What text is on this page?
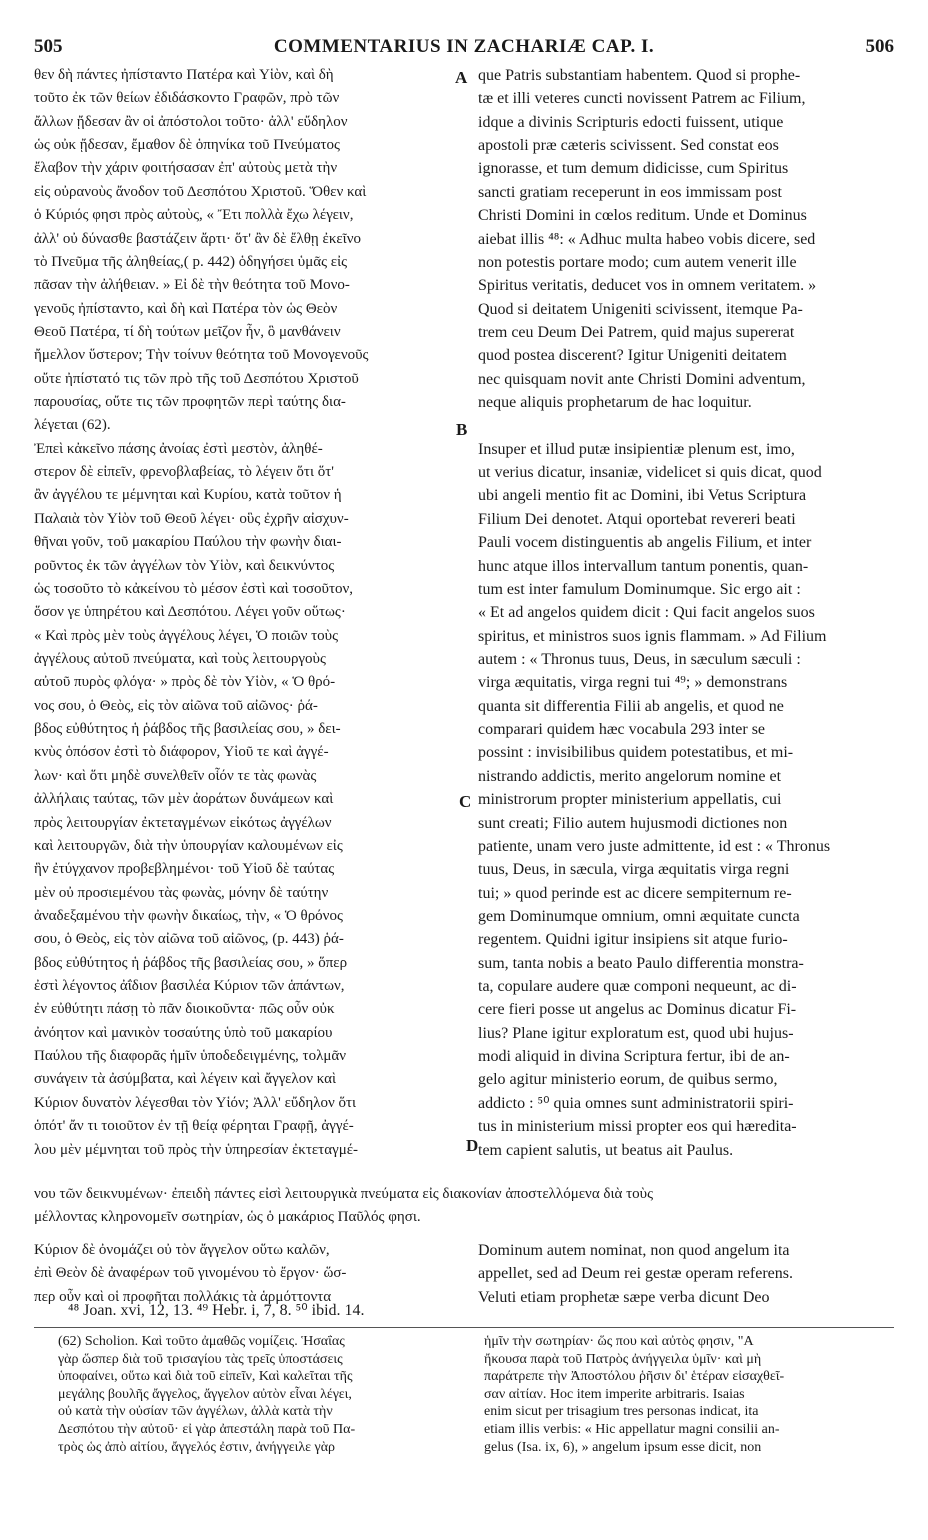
505	COMMENTARIUS IN ZACHARIÆ CAP. I.	506
θεν δὴ πάντες ἠπίσταντο Πατέρα καὶ Υἱὸν, καὶ δὴ
τοῦτο ἐκ τῶν θείων ἐδιδάσκοντο Γραφῶν, πρὸ τῶν
ἄλλων ᾔδεσαν ἂν οἱ ἀπόστολοι τοῦτο· ἀλλ' εὔδηλον
ὡς οὐκ ᾔδεσαν, ἔμαθον δὲ ὁπηνίκα τοῦ Πνεύματος
ἔλαβον τὴν χάριν φοιτήσασαν ἐπ' αὐτοὺς μετὰ τὴν
εἰς οὐρανοὺς ἄνοδον τοῦ Δεσπότου Χριστοῦ. Ὅθεν καὶ
ὁ Κύριός φησι πρὸς αὐτοὺς, « Ἔτι πολλὰ ἔχω λέγειν,
ἀλλ' οὐ δύνασθε βαστάζειν ἄρτι· ὅτ' ἂν δὲ ἔλθῃ ἐκεῖνο
τὸ Πνεῦμα τῆς ἀληθείας,( p. 442) ὁδηγήσει ὑμᾶς εἰς
πᾶσαν τὴν ἀλήθειαν. » Εἰ δὲ τὴν θεότητα τοῦ Μονο-
γενοῦς ἠπίσταντο, καὶ δὴ καὶ Πατέρα τὸν ὡς Θεὸν
Θεοῦ Πατέρα, τί δὴ τούτων μεῖζον ἦν, ὃ μανθάνειν
ἤμελλον ὕστερον; Τὴν τοίνυν θεότητα τοῦ Μονογενοῦς
οὔτε ἠπίστατό τις τῶν πρὸ τῆς τοῦ Δεσπότου Χριστοῦ
παρουσίας, οὔτε τις τῶν προφητῶν περὶ ταύτης δια-
λέγεται (62).
Ἐπεὶ κἀκεῖνο πάσης ἀνοίας ἐστὶ μεστὸν, ἀληθέ-
στερον δὲ εἰπεῖν, φρενοβλαβείας, τὸ λέγειν ὅτι ὅτ'
ἂν ἀγγέλου τε μέμνηται καὶ Κυρίου, κατὰ τοῦτον ἡ
Παλαιὰ τὸν Υἱὸν τοῦ Θεοῦ λέγει· οὓς ἐχρῆν αἰσχυν-
θῆναι γοῦν, τοῦ μακαρίου Παύλου τὴν φωνὴν διαι-
ροῦντος ἐκ τῶν ἀγγέλων τὸν Υἱὸν, καὶ δεικνύντος
ὡς τοσοῦτο τὸ κἀκείνου τὸ μέσον ἐστὶ καὶ τοσοῦτον,
ὅσον γε ὑπηρέτου καὶ Δεσπότου. Λέγει γοῦν οὕτως·
« Καὶ πρὸς μὲν τοὺς ἀγγέλους λέγει, Ὁ ποιῶν τοὺς
ἀγγέλους αὐτοῦ πνεύματα, καὶ τοὺς λειτουργοὺς
αὐτοῦ πυρὸς φλόγα· » πρὸς δὲ τὸν Υἱὸν, « Ὁ θρό-
νος σου, ὁ Θεὸς, εἰς τὸν αἰῶνα τοῦ αἰῶνος· ῥά-
βδος εὐθύτητος ἡ ῥάβδος τῆς βασιλείας σου, » δει-
κνὺς ὁπόσον ἐστὶ τὸ διάφορον, Υἱοῦ τε καὶ ἀγγέ-
λων· καὶ ὅτι μηδὲ συνελθεῖν οἷόν τε τὰς φωνὰς
ἀλλήλαις ταύτας, τῶν μὲν ἀοράτων δυνάμεων καὶ
πρὸς λειτουργίαν ἐκτεταγμένων εἰκότως ἀγγέλων
καὶ λειτουργῶν, διὰ τὴν ὑπουργίαν καλουμένων εἰς
ἣν ἐτύγχανον προβεβλημένοι· τοῦ Υἱοῦ δὲ ταύτας
μὲν οὐ προσιεμένου τὰς φωνὰς, μόνην δὲ ταύτην
ἀναδεξαμένου τὴν φωνὴν δικαίως, τὴν, « Ὁ θρόνος
σου, ὁ Θεὸς, εἰς τὸν αἰῶνα τοῦ αἰῶνος, (p. 443) ῥά-
βδος εὐθύτητος ἡ ῥάβδος τῆς βασιλείας σου, » ὅπερ
ἐστὶ λέγοντος ἀΐδιον βασιλέα Κύριον τῶν ἁπάντων,
ἐν εὐθύτητι πάσῃ τὸ πᾶν διοικοῦντα· πῶς οὖν οὐκ
ἀνόητον καὶ μανικὸν τοσαύτης ὑπὸ τοῦ μακαρίου
Παύλου τῆς διαφορᾶς ἡμῖν ὑποδεδειγμένης, τολμᾶν
συνάγειν τὰ ἀσύμβατα, καὶ λέγειν καὶ ἄγγελον καὶ
Κύριον δυνατὸν λέγεσθαι τὸν Υἱόν; Ἀλλ' εὔδηλον ὅτι
ὁπότ' ἄν τι τοιοῦτον ἐν τῇ θείᾳ φέρηται Γραφῇ, ἀγγέ-
λου μὲν μέμνηται τοῦ πρὸς τὴν ὑπηρεσίαν ἐκτεταγμέ-
que Patris substantiam habentem. Quod si prophe-
tæ et illi veteres cuncti novissent Patrem ac Filium,
idque a divinis Scripturis edocti fuissent, utique
apostoli præ cæteris scivissent. Sed constat eos
ignorasse, et tum demum didicisse, cum Spiritus
sancti gratiam receperunt in eos immissam post
Christi Domini in cœlos reditum. Unde et Dominus
aiebat illis ⁴⁸: « Adhuc multa habeo vobis dicere, sed
non potestis portare modo; cum autem venerit ille
Spiritus veritatis, deducet vos in omnem veritatem. »
Quod si deitatem Unigeniti scivissent, itemque Pa-
trem ceu Deum Dei Patrem, quid majus supererat
quod postea discerent? Igitur Unigeniti deitatem
nec quisquam novit ante Christi Domini adventum,
neque aliquis prophetarum de hac loquitur.
Insuper et illud putæ insipientiæ plenum est, imo,
ut verius dicatur, insaniæ, videlicet si quis dicat, quod
ubi angeli mentio fit ac Domini, ibi Vetus Scriptura
Filium Dei denotet. Atqui oportebat revereri beati
Pauli vocem distinguentis ab angelis Filium, et inter
hunc atque illos intervallum tantum ponentis, quan-
tum est inter famulum Dominumque. Sic ergo ait :
« Et ad angelos quidem dicit : Qui facit angelos suos
spiritus, et ministros suos ignis flammam. » Ad Filium
autem : « Thronus tuus, Deus, in sæculum sæculi :
virga æquitatis, virga regni tui ⁴⁹; » demonstrans
quanta sit differentia Filii ab angelis, et quod ne
comparari quidem hæc vocabula 293 inter se
possint : invisibilibus quidem potestatibus, et mi-
nistrando addictis, merito angelorum nomine et
ministrorum propter ministerium appellatis, cui
sunt creati; Filio autem hujusmodi dictiones non
patiente, unam vero juste admittente, id est : « Thronus
tuus, Deus, in sæcula, virga æquitatis virga regni
tui; » quod perinde est ac dicere sempiternum re-
gem Dominumque omnium, omni æquitate cuncta
regentem. Quidni igitur insipiens sit atque furio-
sum, tanta nobis a beato Paulo differentia monstra-
ta, copulare audere quæ componi nequeunt, ac di-
cere fieri posse ut angelus ac Dominus dicatur Fi-
lius? Plane igitur exploratum est, quod ubi hujus-
modi aliquid in divina Scriptura fertur, ibi de an-
gelo agitur ministerio eorum, de quibus sermo,
addicto : ⁵⁰ quia omnes sunt administratorii spiri-
tus in ministerium missi propter eos qui hæredita-
tem capient salutis, ut beatus ait Paulus.
A
B
C
D
νου τῶν δεικνυμένων· ἐπειδὴ πάντες εἰσὶ λειτουργικὰ πνεύματα εἰς διακονίαν ἀποστελλόμενα διὰ τοὺς
μέλλοντας κληρονομεῖν σωτηρίαν, ὡς ὁ μακάριος Παῦλός φησι.
Κύριον δὲ ὀνομάζει οὐ τὸν ἄγγελον οὕτω καλῶν,
ἐπὶ Θεὸν δὲ ἀναφέρων τοῦ γινομένου τὸ ἔργον· ὥσ-
περ οὖν καὶ οἱ προφῆται πολλάκις τὰ ἁρμόττοντα
Dominum autem nominat, non quod angelum ita
appellet, sed ad Deum rei gestæ operam referens.
Veluti etiam prophetæ sæpe verba dicunt Deo
⁴⁸ Joan. xvi, 12, 13. ⁴⁹ Hebr. i, 7, 8. ⁵⁰ ibid. 14.
(62) Scholion. Καὶ τοῦτο ἀμαθῶς νομίζεις. Ἡσαΐας
γὰρ ὥσπερ διὰ τοῦ τρισαγίου τὰς τρεῖς ὑποστάσεις
ὑποφαίνει, οὕτω καὶ διὰ τοῦ εἰπεῖν, Καὶ καλεῖται τῆς
μεγάλης βουλῆς ἄγγελος, ἄγγελον αὐτὸν εἶναι λέγει,
οὐ κατὰ τὴν οὐσίαν τῶν ἀγγέλων, ἀλλὰ κατὰ τὴν
Δεσπότου τὴν αὐτοῦ· εἰ γὰρ ἀπεστάλη παρὰ τοῦ Πα-
τρὸς ὡς ἀπὸ αἰτίου, ἄγγελός ἐστιν, ἀνήγγειλε γὰρ
ἡμῖν τὴν σωτηρίαν· ὥς που καὶ αὐτὸς φησιν, "Α
ἤκουσα παρὰ τοῦ Πατρὸς ἀνήγγειλα ὑμῖν· καὶ μὴ
παράτρεπε τὴν Ἀποστόλου ῥῆσιν δι' ἑτέραν εἰσαχθεῖ-
σαν αἰτίαν. Hoc item imperite arbitraris. Isaias
enim sicut per trisagium tres personas indicat, ita
etiam illis verbis: « Hic appellatur magni consilii an-
gelus (Isa. ix, 6), » angelum ipsum esse dicit, non
